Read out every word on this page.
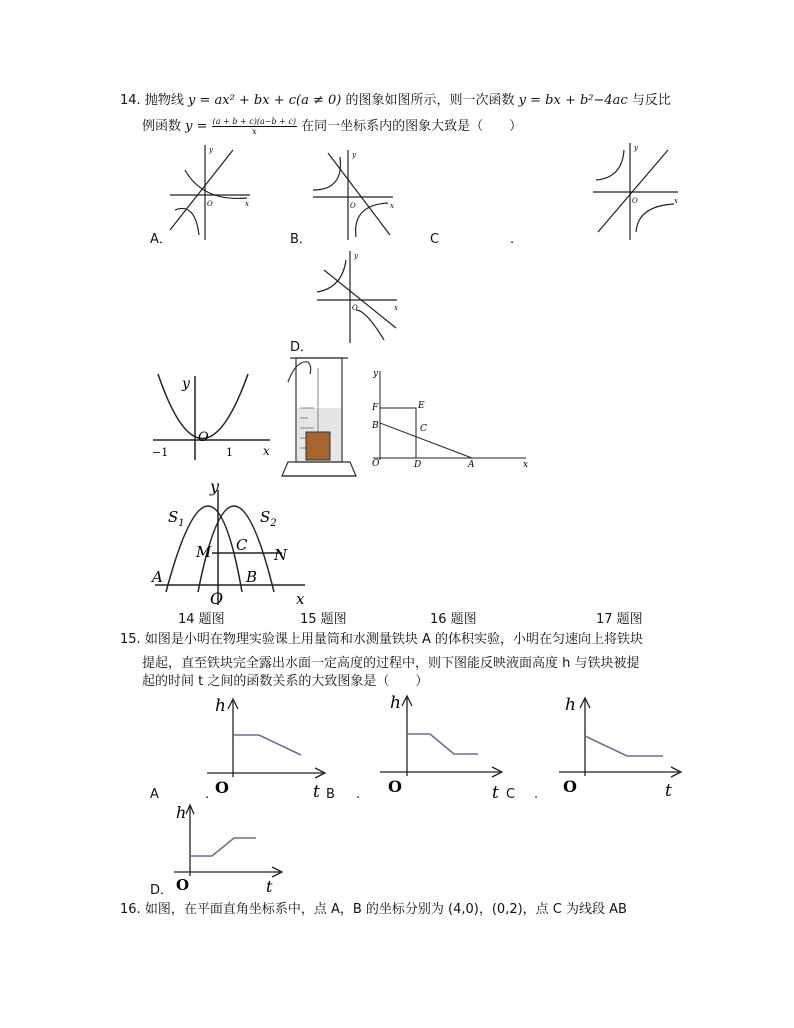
14. 抛物线 y = ax² + bx + c(a ≠ 0) 的图象如图所示，则一次函数 y = bx + b²−4ac 与反比
例函数 $y = \frac{(a + b + c)(a-b + c)}{x}$ 在同一坐标系内的图象大致是（　　）
y
O	x
A．
y
O	x
B．
y
O	x
C	.
y
O	x
D．
y
O
−1	1	x
y
F	E
B	C
O	D	A	x
y
$S_1$	$S_2$
M C
N
A	B
O	x
14 题图	15 题图	16 题图	17 题图
15. 如图是小明在物理实验课上用量筒和水测量铁块 A 的体积实验，小明在匀速向上将铁块
提起，直至铁块完全露出水面一定高度的过程中，则下图能反映液面高度 h 与铁块被提
起的时间 t 之间的函数关系的大致图象是（　　）
h
O	t
A	.
h
O	t
B .
h
O	t
C .
h
O	t
D．
16. 如图，在平面直角坐标系中，点 A，B 的坐标分别为 (4,0)，(0,2)，点 C 为线段 AB
